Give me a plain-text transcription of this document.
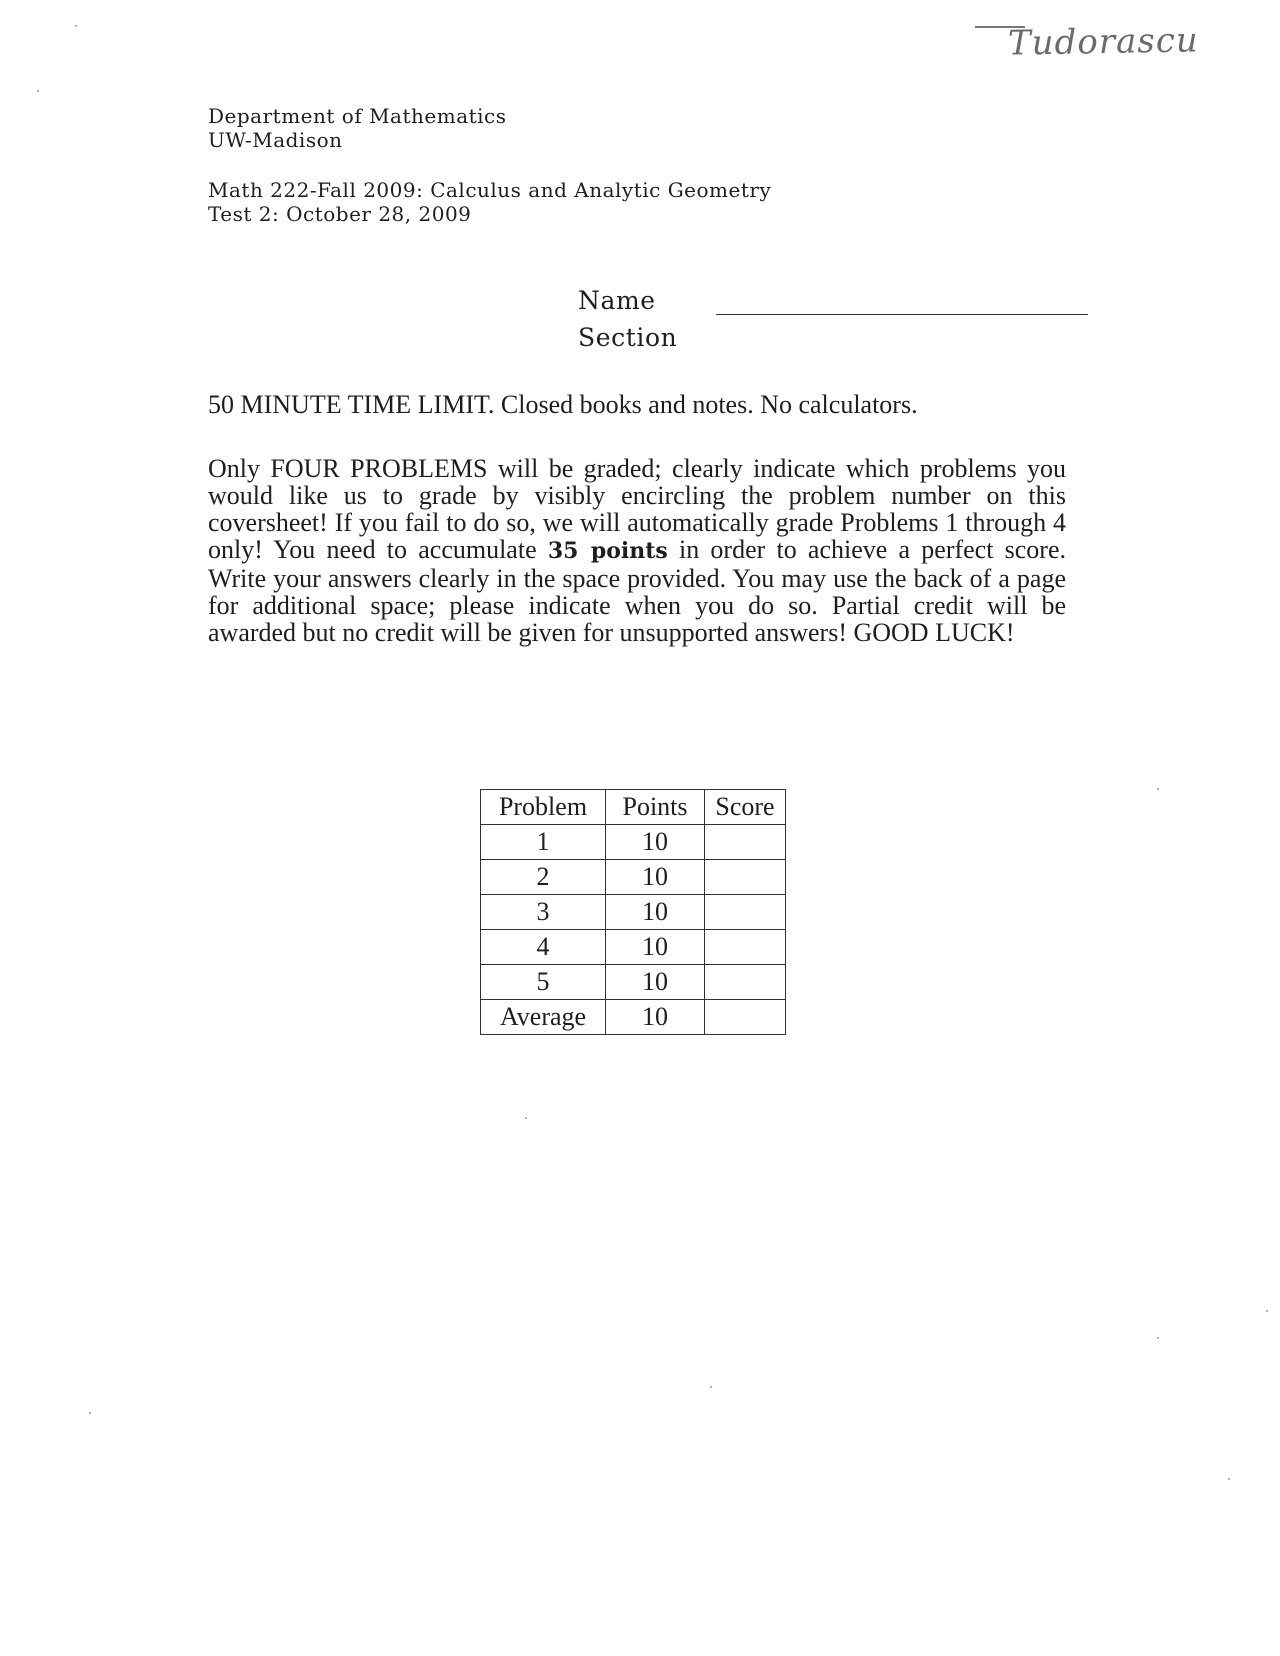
Tudorascu
Department of Mathematics
UW-Madison
Math 222-Fall 2009: Calculus and Analytic Geometry
Test 2: October 28, 2009
Name
Section
50 MINUTE TIME LIMIT. Closed books and notes. No calculators.
Only FOUR PROBLEMS will be graded; clearly indicate which problems you would like us to grade by visibly encircling the problem number on this coversheet! If you fail to do so, we will automatically grade Problems 1 through 4 only! You need to accumulate 35 points in order to achieve a perfect score. Write your answers clearly in the space provided. You may use the back of a page for additional space; please indicate when you do so. Partial credit will be awarded but no credit will be given for unsupported answers! GOOD LUCK!
Problem	Points	Score
1	10	
2	10	
3	10	
4	10	
5	10	
Average	10	
